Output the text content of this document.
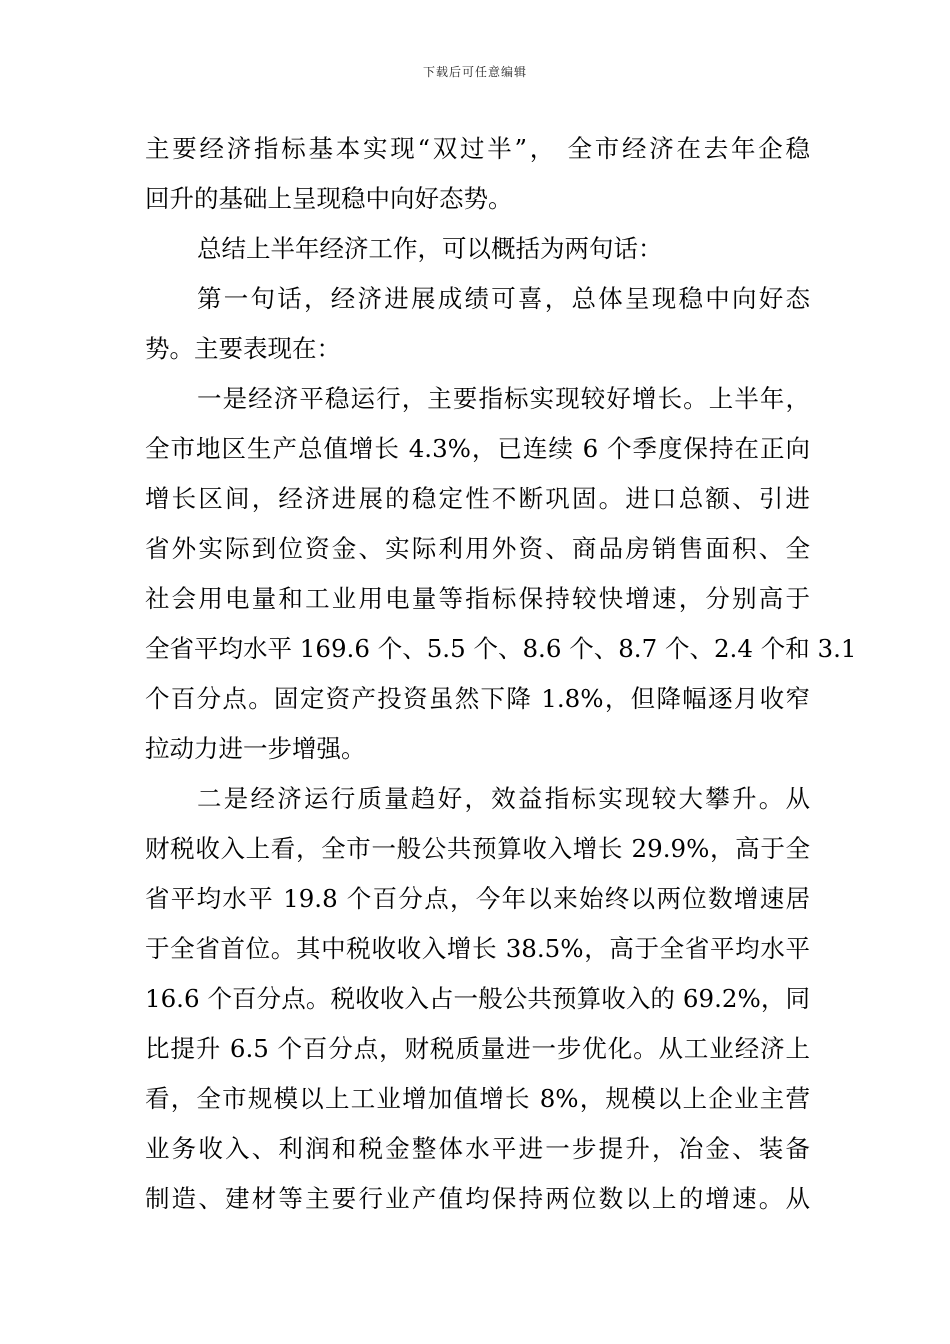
下载后可任意编辑
主要经济指标基本实现“双过半”， 全市经济在去年企稳
回升的基础上呈现稳中向好态势。
总结上半年经济工作，可以概括为两句话：
第一句话，经济进展成绩可喜，总体呈现稳中向好态
势。主要表现在：
一是经济平稳运行，主要指标实现较好增长。上半年，
全市地区生产总值增长 4.3%，已连续 6 个季度保持在正向
增长区间，经济进展的稳定性不断巩固。进口总额、引进
省外实际到位资金、实际利用外资、商品房销售面积、全
社会用电量和工业用电量等指标保持较快增速，分别高于
全省平均水平 169.6 个、5.5 个、8.6 个、8.7 个、2.4 个和 3.1
个百分点。固定资产投资虽然下降 1.8%，但降幅逐月收窄
拉动力进一步增强。
二是经济运行质量趋好，效益指标实现较大攀升。从
财税收入上看，全市一般公共预算收入增长 29.9%，高于全
省平均水平 19.8 个百分点，今年以来始终以两位数增速居
于全省首位。其中税收收入增长 38.5%，高于全省平均水平
16.6 个百分点。税收收入占一般公共预算收入的 69.2%，同
比提升 6.5 个百分点，财税质量进一步优化。从工业经济上
看，全市规模以上工业增加值增长 8%，规模以上企业主营
业务收入、利润和税金整体水平进一步提升，冶金、装备
制造、建材等主要行业产值均保持两位数以上的增速。从
